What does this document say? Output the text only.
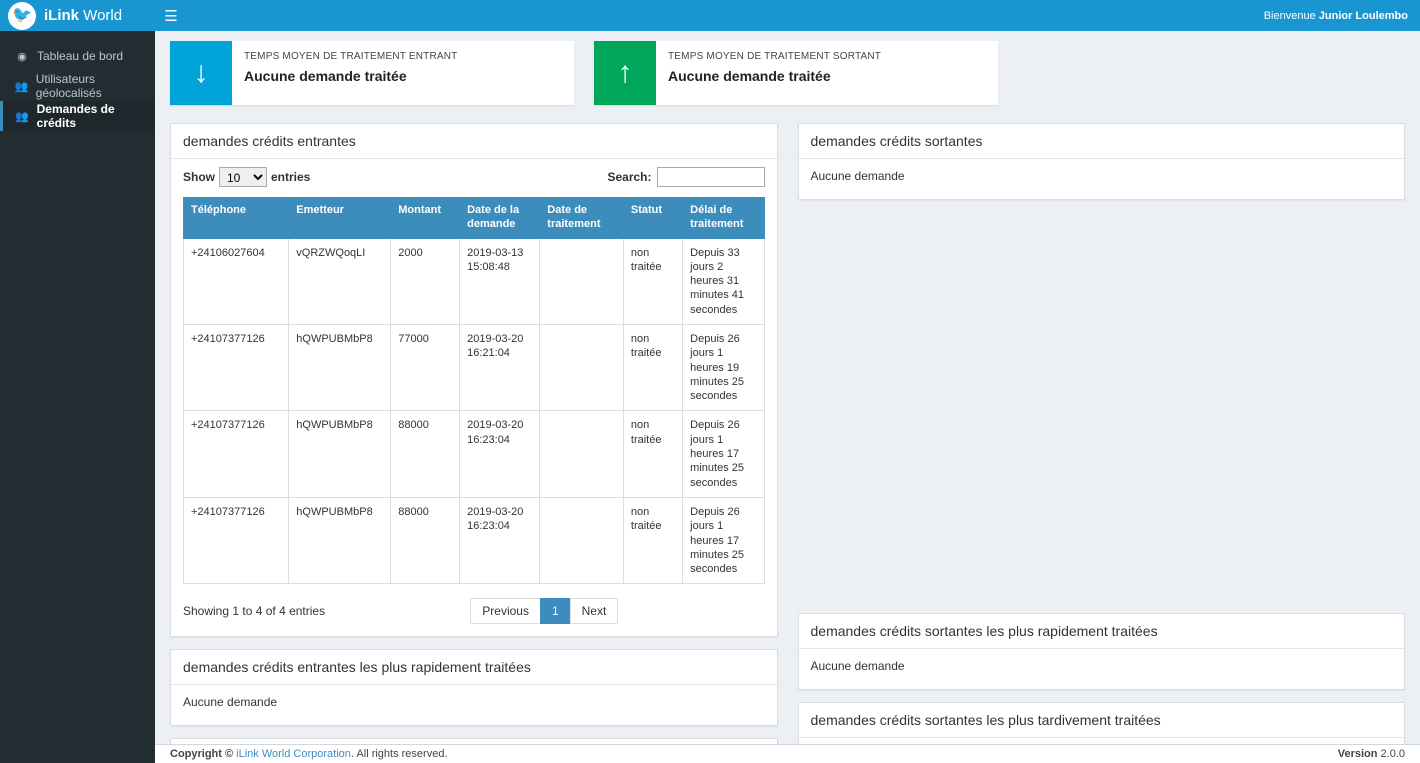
🐦 iLink World
◉ Tableau de bord
👥
Utilisateurs géolocalisés
👥
Demandes de crédits
☰	Bienvenue Junior Loulembo
↓	TEMPS MOYEN DE TRAITEMENT ENTRANT
Aucune demande traitée	↑	TEMPS MOYEN DE TRAITEMENT SORTANT
Aucune demande traitée
demandes crédits entrantes
Show
10	entries	Search:
Téléphone	Emetteur	Montant	Date de la demande	Date de traitement	Statut	Délai de traitement
+24106027604	vQRZWQoqLI	2000	2019-03-13 15:08:48		non traitée	Depuis 33 jours 2 heures 31 minutes 41 secondes
+24107377126	hQWPUBMbP8	77000	2019-03-20 16:21:04		non traitée	Depuis 26 jours 1 heures 19 minutes 25 secondes
+24107377126	hQWPUBMbP8	88000	2019-03-20 16:23:04		non traitée	Depuis 26 jours 1 heures 17 minutes 25 secondes
+24107377126	hQWPUBMbP8	88000	2019-03-20 16:23:04		non traitée	Depuis 26 jours 1 heures 17 minutes 25 secondes
Showing 1 to 4 of 4 entries	Previous	1	Next
demandes crédits entrantes les plus rapidement traitées
Aucune demande
demandes crédits sortantes
Aucune demande
demandes crédits sortantes les plus rapidement traitées
Aucune demande
demandes crédits sortantes les plus tardivement traitées
Copyright © iLink World Corporation. All rights reserved.	Version 2.0.0
